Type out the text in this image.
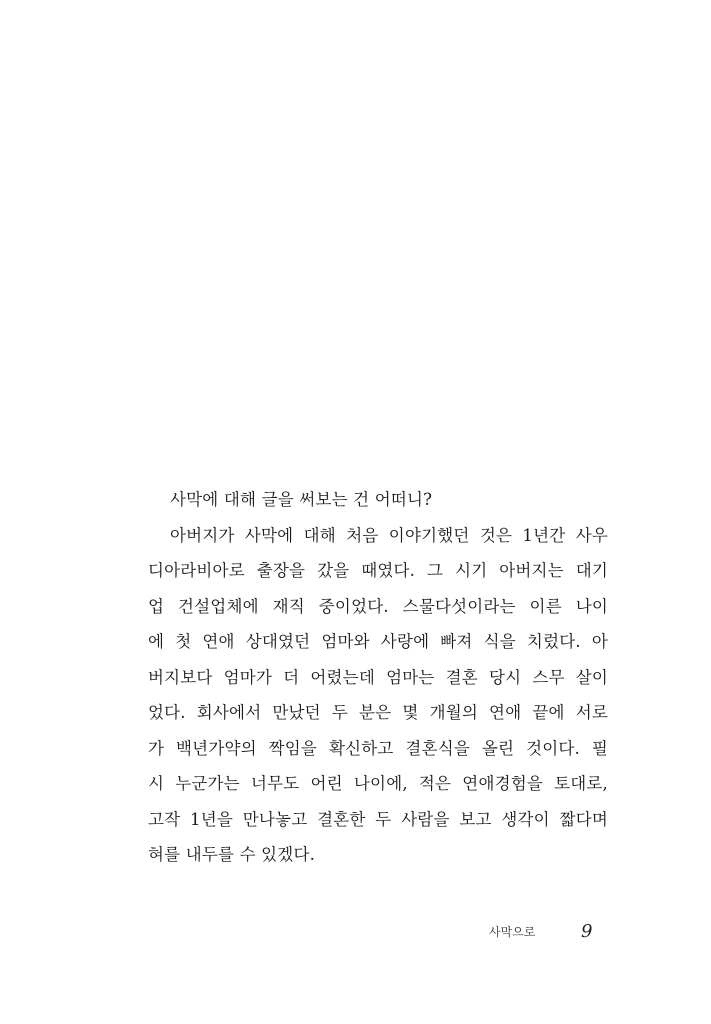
사막에 대해 글을 써보는 건 어떠니?
아버지가 사막에 대해 처음 이야기했던 것은 1년간 사우
디아라비아로 출장을 갔을 때였다. 그 시기 아버지는 대기
업 건설업체에 재직 중이었다. 스물다섯이라는 이른 나이
에 첫 연애 상대였던 엄마와 사랑에 빠져 식을 치렀다. 아
버지보다 엄마가 더 어렸는데 엄마는 결혼 당시 스무 살이
었다. 회사에서 만났던 두 분은 몇 개월의 연애 끝에 서로
가 백년가약의 짝임을 확신하고 결혼식을 올린 것이다. 필
시 누군가는 너무도 어린 나이에, 적은 연애경험을 토대로,
고작 1년을 만나놓고 결혼한 두 사람을 보고 생각이 짧다며
혀를 내두를 수 있겠다.
사막으로	9
